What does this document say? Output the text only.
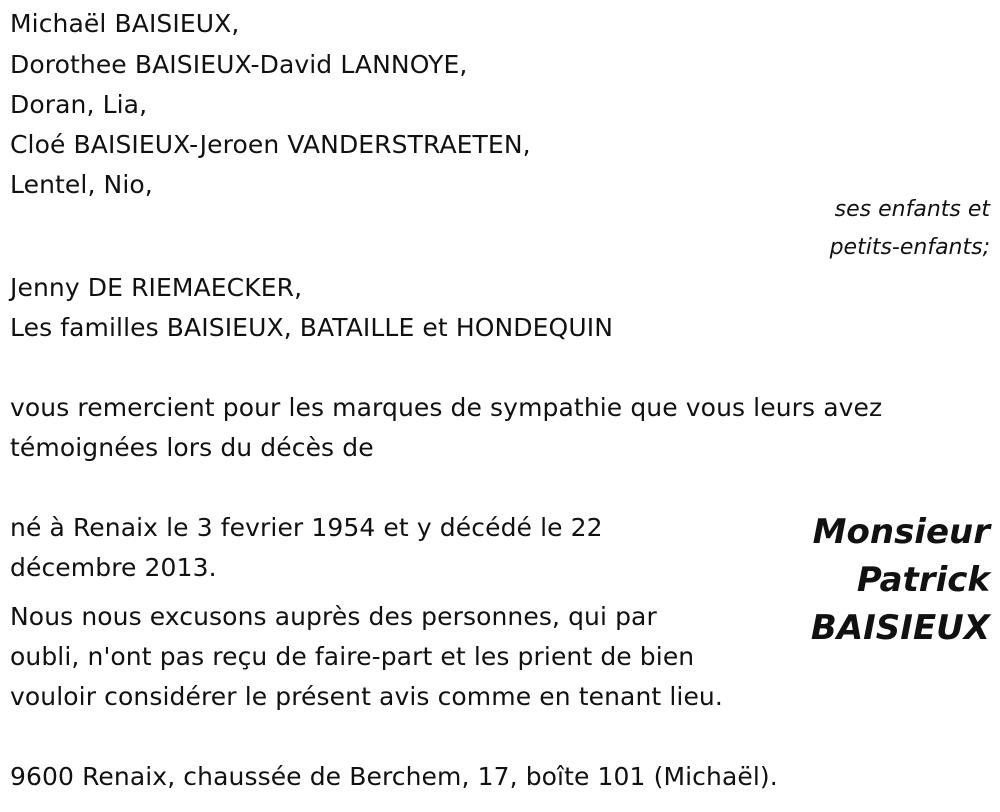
Michaël BAISIEUX,
Dorothee BAISIEUX-David LANNOYE,
Doran, Lia,
Cloé BAISIEUX-Jeroen VANDERSTRAETEN,
Lentel, Nio,
ses enfants et
petits-enfants;
Jenny DE RIEMAECKER,
Les familles BAISIEUX, BATAILLE et HONDEQUIN
vous remercient pour les marques de sympathie que vous leurs avez
témoignées lors du décès de
né à Renaix le 3 fevrier 1954 et y décédé le 22
décembre 2013.
Nous nous excusons auprès des personnes, qui par
oubli, n'ont pas reçu de faire-part et les prient de bien
vouloir considérer le présent avis comme en tenant lieu.
Monsieur
Patrick
BAISIEUX
9600 Renaix, chaussée de Berchem, 17, boîte 101 (Michaël).
